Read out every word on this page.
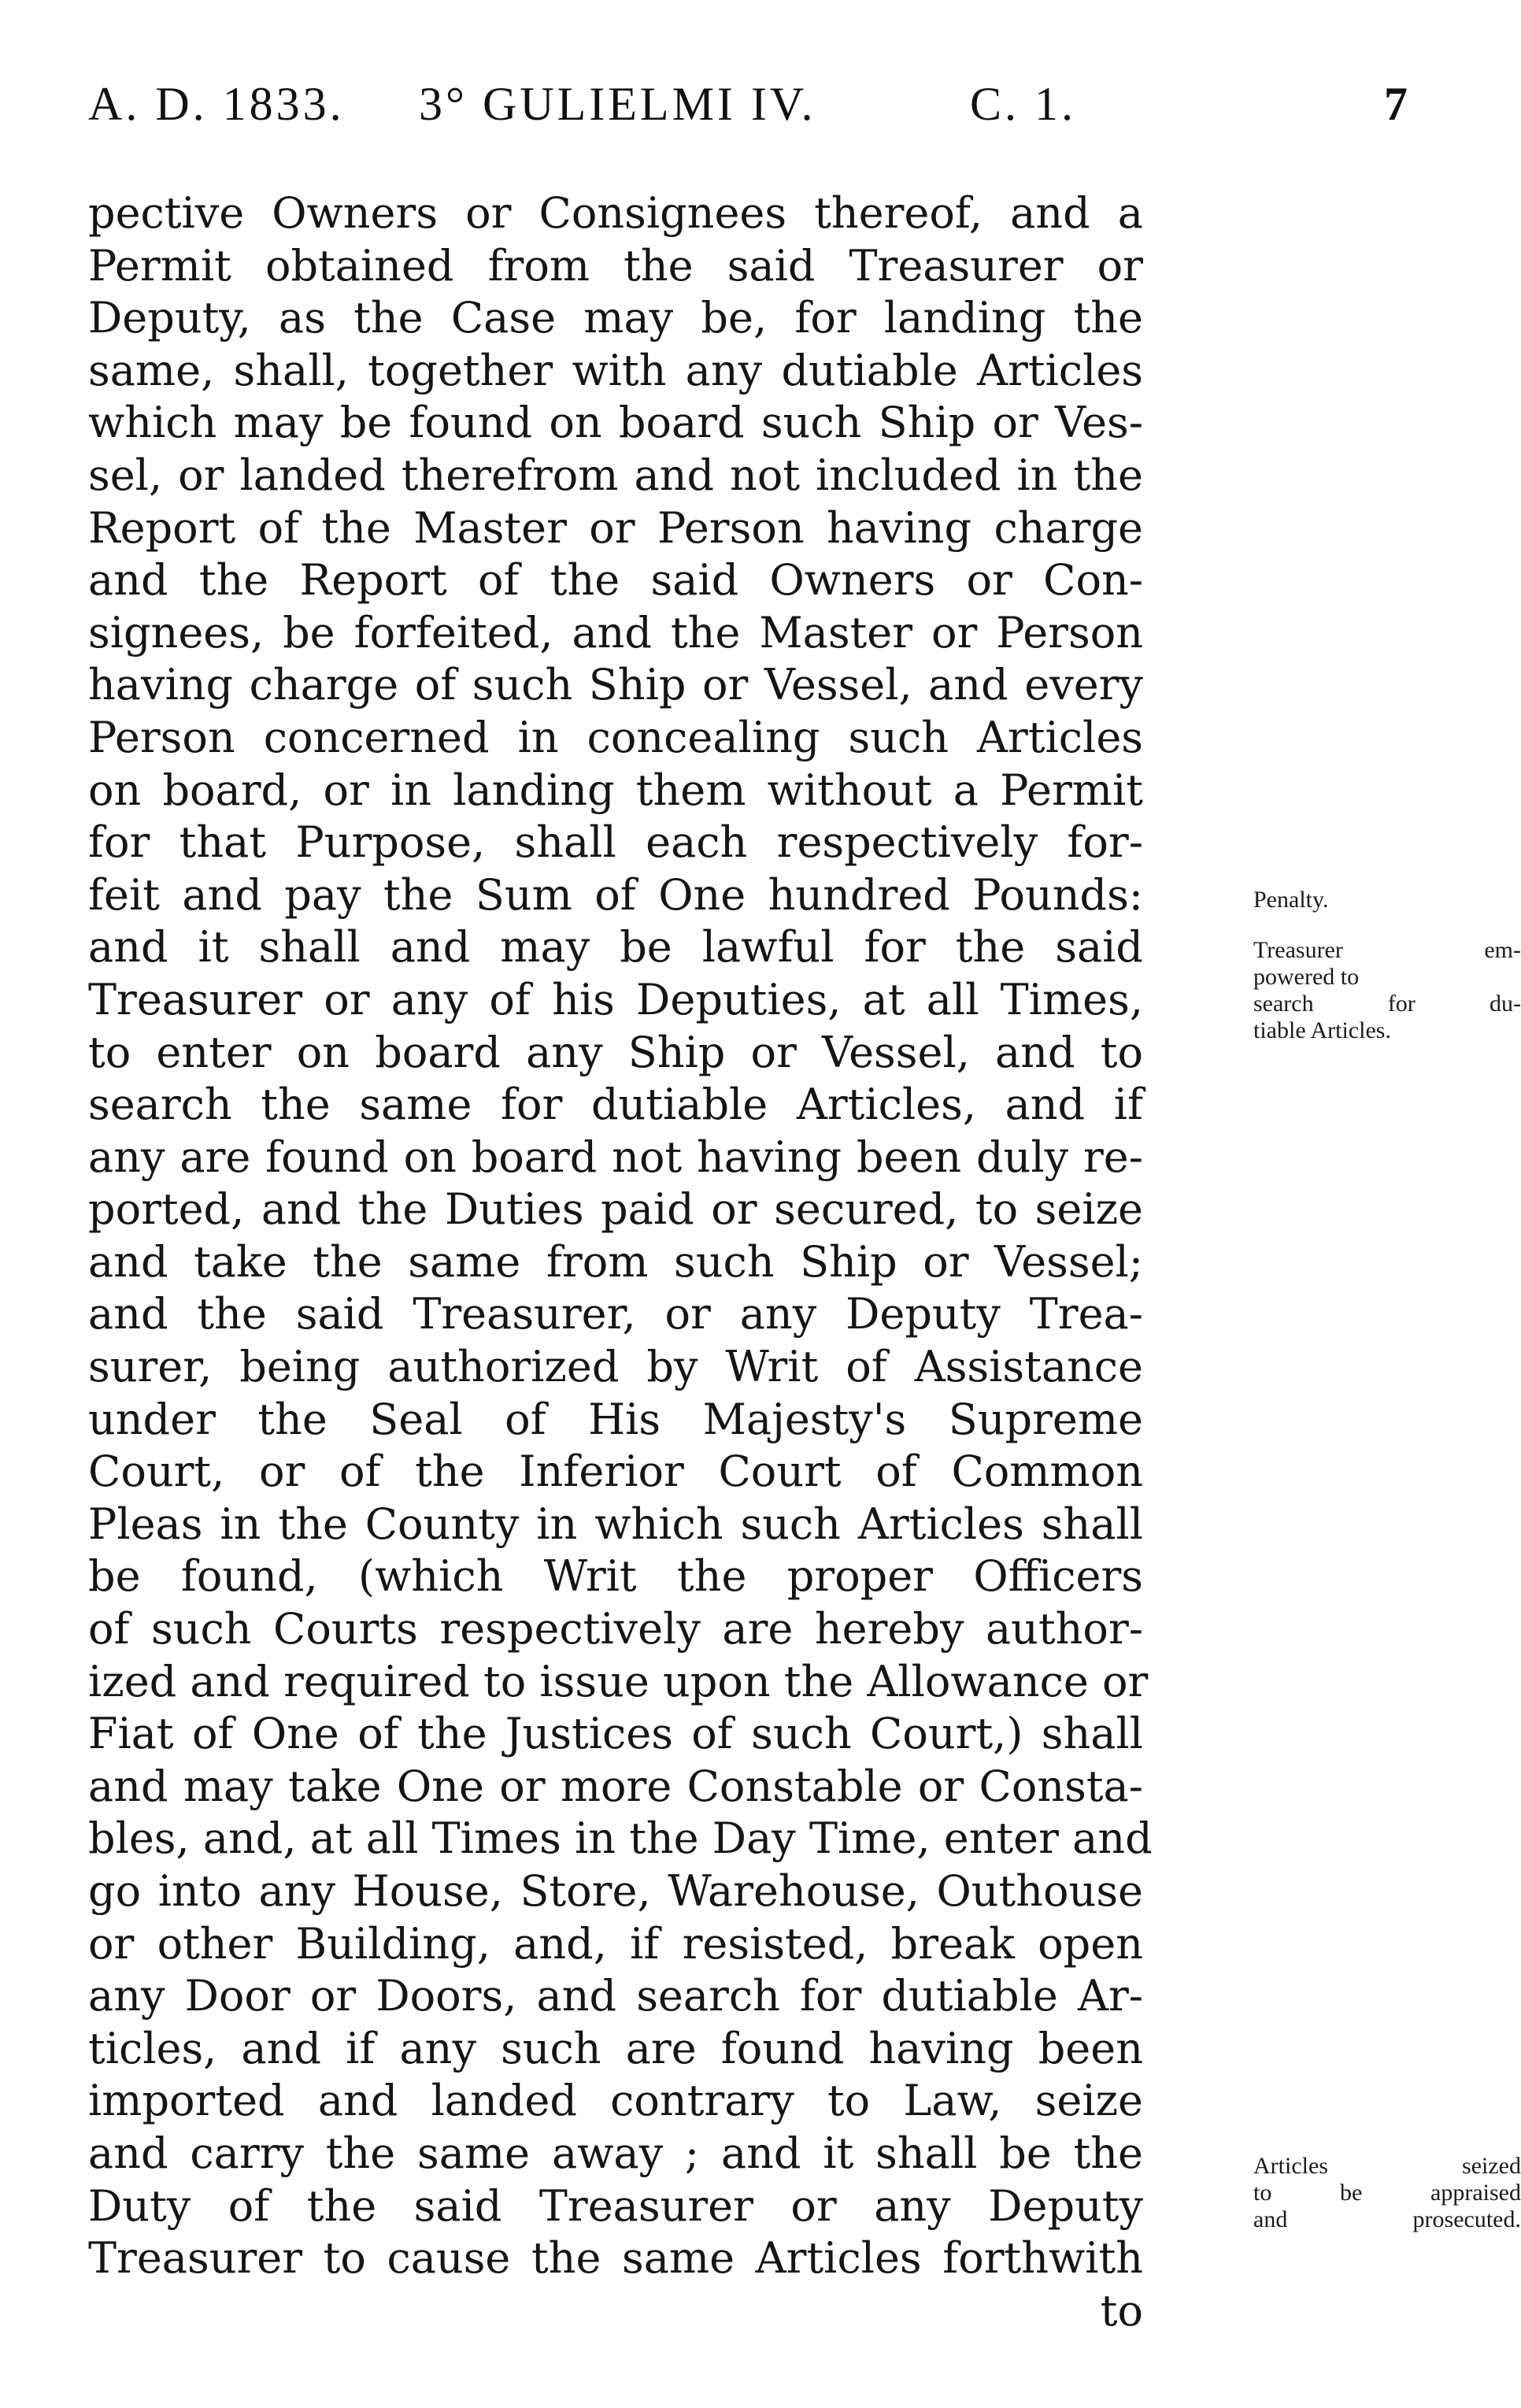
A. D. 1833. 3° GULIELMI IV.	C. 1.	7
pective Owners or Consignees thereof, and a
Permit obtained from the said Treasurer or
Deputy, as the Case may be, for landing the
same, shall, together with any dutiable Articles
which may be found on board such Ship or Ves-
sel, or landed therefrom and not included in the
Report of the Master or Person having charge
and the Report of the said Owners or Con-
signees, be forfeited, and the Master or Person
having charge of such Ship or Vessel, and every
Person concerned in concealing such Articles
on board, or in landing them without a Permit
for that Purpose, shall each respectively for-
feit and pay the Sum of One hundred Pounds:
and it shall and may be lawful for the said
Treasurer or any of his Deputies, at all Times,
to enter on board any Ship or Vessel, and to
search the same for dutiable Articles, and if
any are found on board not having been duly re-
ported, and the Duties paid or secured, to seize
and take the same from such Ship or Vessel;
and the said Treasurer, or any Deputy Trea-
surer, being authorized by Writ of Assistance
under the Seal of His Majesty's Supreme
Court, or of the Inferior Court of Common
Pleas in the County in which such Articles shall
be found, (which Writ the proper Officers
of such Courts respectively are hereby author-
ized and required to issue upon the Allowance or
Fiat of One of the Justices of such Court,) shall
and may take One or more Constable or Consta-
bles, and, at all Times in the Day Time, enter and
go into any House, Store, Warehouse, Outhouse
or other Building, and, if resisted, break open
any Door or Doors, and search for dutiable Ar-
ticles, and if any such are found having been
imported and landed contrary to Law, seize
and carry the same away ; and it shall be the
Duty of the said Treasurer or any Deputy
Treasurer to cause the same Articles forthwith
to
Penalty.
Treasurer em-
powered to
search for du-
tiable Articles.
Articles seized
to be appraised
and prosecuted.
